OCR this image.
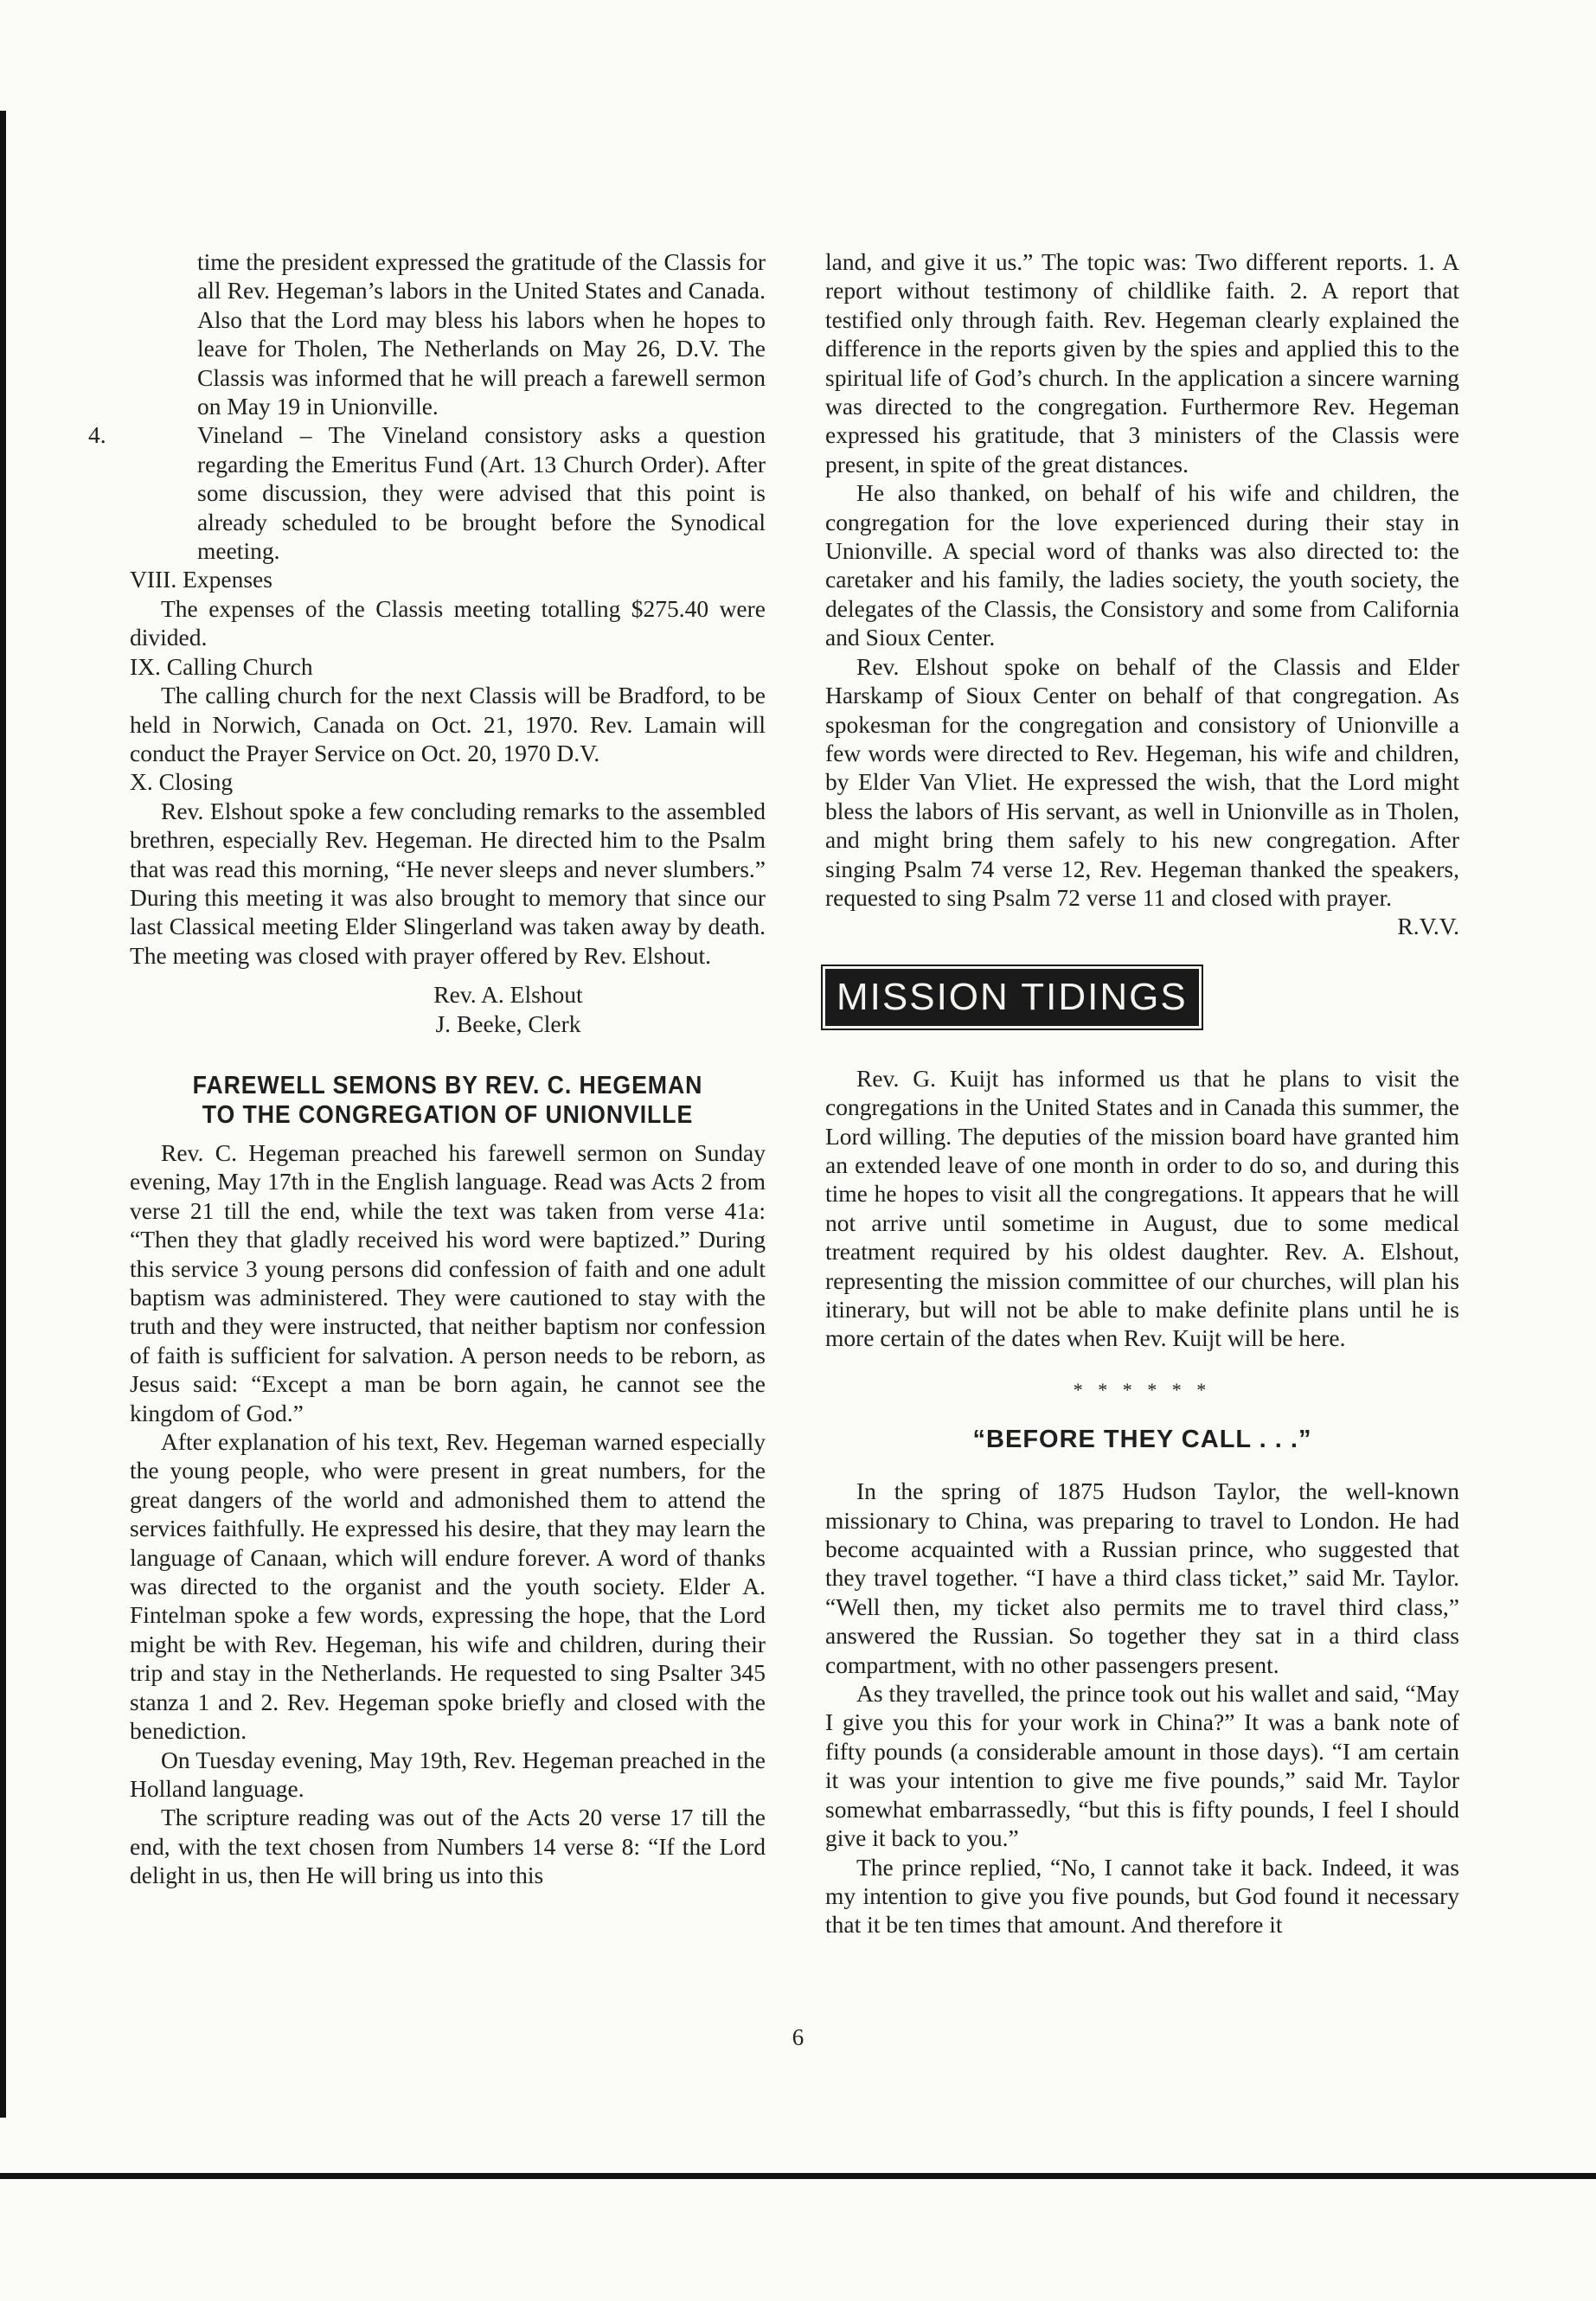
time the president expressed the gratitude of the Classis for all Rev. Hegeman’s labors in the United States and Canada. Also that the Lord may bless his labors when he hopes to leave for Tholen, The Netherlands on May 26, D.V. The Classis was informed that he will preach a farewell sermon on May 19 in Unionville.

4.	Vineland – The Vineland consistory asks a question regarding the Emeritus Fund (Art. 13 Church Order). After some discussion, they were advised that this point is already scheduled to be brought before the Synodical meeting.

VIII. Expenses

The expenses of the Classis meeting totalling $275.40 were divided.

IX. Calling Church

The calling church for the next Classis will be Bradford, to be held in Norwich, Canada on Oct. 21, 1970. Rev. Lamain will conduct the Prayer Service on Oct. 20, 1970 D.V.

X. Closing

Rev. Elshout spoke a few concluding remarks to the assembled brethren, especially Rev. Hegeman. He directed him to the Psalm that was read this morning, “He never sleeps and never slumbers.” During this meeting it was also brought to memory that since our last Classical meeting Elder Slingerland was taken away by death. The meeting was closed with prayer offered by Rev. Elshout.

Rev. A. Elshout

J. Beeke, Clerk

FAREWELL SEMONS BY REV. C. HEGEMAN
TO THE CONGREGATION OF UNIONVILLE

Rev. C. Hegeman preached his farewell sermon on Sunday evening, May 17th in the English language. Read was Acts 2 from verse 21 till the end, while the text was taken from verse 41a: “Then they that gladly received his word were baptized.” During this service 3 young persons did confession of faith and one adult baptism was administered. They were cautioned to stay with the truth and they were instructed, that neither baptism nor confession of faith is sufficient for salvation. A person needs to be reborn, as Jesus said: “Except a man be born again, he cannot see the kingdom of God.”

After explanation of his text, Rev. Hegeman warned especially the young people, who were present in great numbers, for the great dangers of the world and admonished them to attend the services faithfully. He expressed his desire, that they may learn the language of Canaan, which will endure forever. A word of thanks was directed to the organist and the youth society. Elder A. Fintelman spoke a few words, expressing the hope, that the Lord might be with Rev. Hegeman, his wife and children, during their trip and stay in the Netherlands. He requested to sing Psalter 345 stanza 1 and 2. Rev. Hegeman spoke briefly and closed with the benediction.

On Tuesday evening, May 19th, Rev. Hegeman preached in the Holland language.

The scripture reading was out of the Acts 20 verse 17 till the end, with the text chosen from Numbers 14 verse 8: “If the Lord delight in us, then He will bring us into this

land, and give it us.” The topic was: Two different reports. 1. A report without testimony of childlike faith. 2. A report that testified only through faith. Rev. Hegeman clearly explained the difference in the reports given by the spies and applied this to the spiritual life of God’s church. In the application a sincere warning was directed to the congregation. Furthermore Rev. Hegeman expressed his gratitude, that 3 ministers of the Classis were present, in spite of the great distances.

He also thanked, on behalf of his wife and children, the congregation for the love experienced during their stay in Unionville. A special word of thanks was also directed to: the caretaker and his family, the ladies society, the youth society, the delegates of the Classis, the Consistory and some from California and Sioux Center.

Rev. Elshout spoke on behalf of the Classis and Elder Harskamp of Sioux Center on behalf of that congregation. As spokesman for the congregation and consistory of Unionville a few words were directed to Rev. Hegeman, his wife and children, by Elder Van Vliet. He expressed the wish, that the Lord might bless the labors of His servant, as well in Unionville as in Tholen, and might bring them safely to his new congregation. After singing Psalm 74 verse 12, Rev. Hegeman thanked the speakers, requested to sing Psalm 72 verse 11 and closed with prayer.

R.V.V.

MISSION TIDINGS

Rev. G. Kuijt has informed us that he plans to visit the congregations in the United States and in Canada this summer, the Lord willing. The deputies of the mission board have granted him an extended leave of one month in order to do so, and during this time he hopes to visit all the congregations. It appears that he will not arrive until sometime in August, due to some medical treatment required by his oldest daughter. Rev. A. Elshout, representing the mission committee of our churches, will plan his itinerary, but will not be able to make definite plans until he is more certain of the dates when Rev. Kuijt will be here.

* * * * * *
“BEFORE THEY CALL . . .”

In the spring of 1875 Hudson Taylor, the well-known missionary to China, was preparing to travel to London. He had become acquainted with a Russian prince, who suggested that they travel together. “I have a third class ticket,” said Mr. Taylor. “Well then, my ticket also permits me to travel third class,” answered the Russian. So together they sat in a third class compartment, with no other passengers present.

As they travelled, the prince took out his wallet and said, “May I give you this for your work in China?” It was a bank note of fifty pounds (a considerable amount in those days). “I am certain it was your intention to give me five pounds,” said Mr. Taylor somewhat embarrassedly, “but this is fifty pounds, I feel I should give it back to you.”

The prince replied, “No, I cannot take it back. Indeed, it was my intention to give you five pounds, but God found it necessary that it be ten times that amount. And therefore it

6
